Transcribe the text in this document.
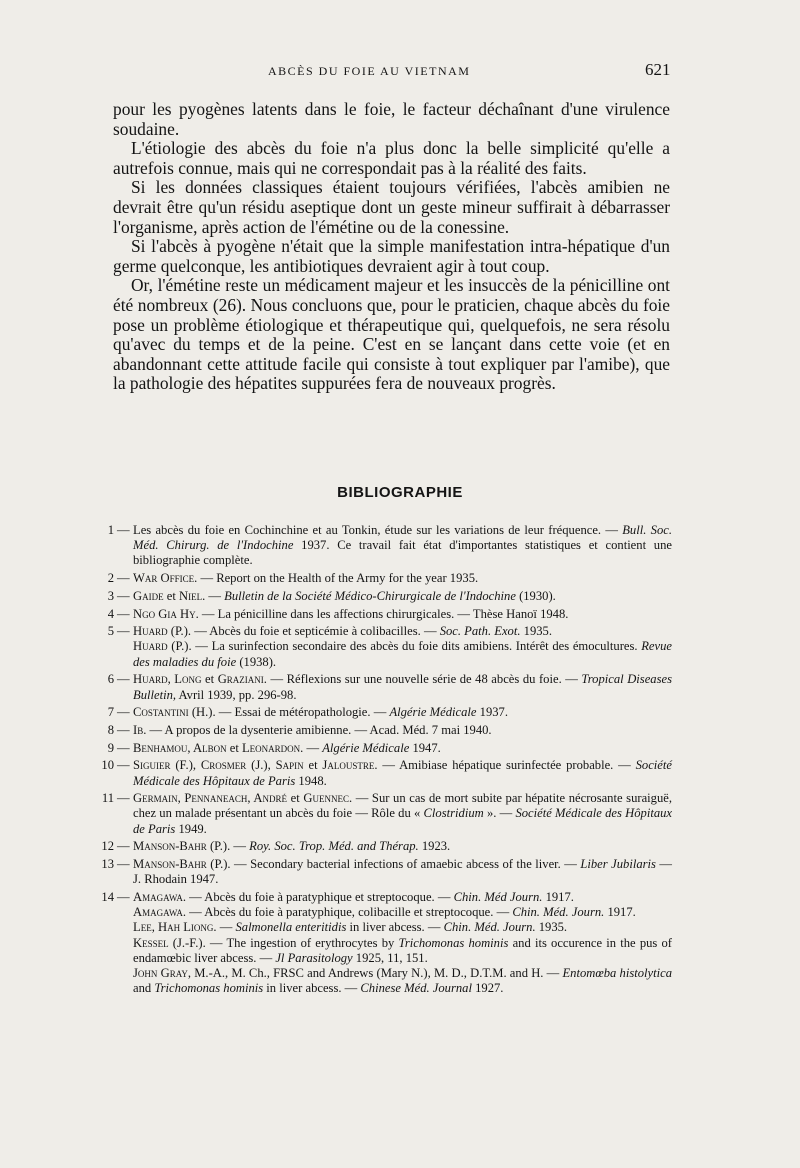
ABCÈS DU FOIE AU VIETNAM	621

pour les pyogènes latents dans le foie, le facteur déchaînant d'une virulence soudaine.

L'étiologie des abcès du foie n'a plus donc la belle simplicité qu'elle a autrefois connue, mais qui ne correspondait pas à la réalité des faits.

Si les données classiques étaient toujours vérifiées, l'abcès amibien ne devrait être qu'un résidu aseptique dont un geste mineur suffirait à débarrasser l'organisme, après action de l'émétine ou de la conessine.

Si l'abcès à pyogène n'était que la simple manifestation intra-hépatique d'un germe quelconque, les antibiotiques devraient agir à tout coup.

Or, l'émétine reste un médicament majeur et les insuccès de la pénicilline ont été nombreux (26). Nous concluons que, pour le praticien, chaque abcès du foie pose un problème étiologique et thérapeutique qui, quelquefois, ne sera résolu qu'avec du temps et de la peine. C'est en se lançant dans cette voie (et en abandonnant cette attitude facile qui consiste à tout expliquer par l'amibe), que la pathologie des hépatites suppurées fera de nouveaux progrès.

BIBLIOGRAPHIE
1 — Les abcès du foie en Cochinchine et au Tonkin, étude sur les variations de leur fréquence. — Bull. Soc. Méd. Chirurg. de l'Indochine 1937. Ce travail fait état d'importantes statistiques et contient une bibliographie complète.
2 — War Office. — Report on the Health of the Army for the year 1935.
3 — Gaide et Niel. — Bulletin de la Société Médico-Chirurgicale de l'Indochine (1930).
4 — Ngo Gia Hy. — La pénicilline dans les affections chirurgicales. — Thèse Hanoï 1948.
5 — Huard (P.). — Abcès du foie et septicémie à colibacilles. — Soc. Path. Exot. 1935.
Huard (P.). — La surinfection secondaire des abcès du foie dits amibiens. Intérêt des émocultures. Revue des maladies du foie (1938).
6 — Huard, Long et Graziani. — Réflexions sur une nouvelle série de 48 abcès du foie. — Tropical Diseases Bulletin, Avril 1939, pp. 296-98.
7 — Costantini (H.). — Essai de météropathologie. — Algérie Médicale 1937.
8 — Ib. — A propos de la dysenterie amibienne. — Acad. Méd. 7 mai 1940.
9 — Benhamou, Albon et Leonardon. — Algérie Médicale 1947.
10 — Siguier (F.), Crosmer (J.), Sapin et Jaloustre. — Amibiase hépatique surinfectée probable. — Société Médicale des Hôpitaux de Paris 1948.
11 — Germain, Pennaneach, André et Guennec. — Sur un cas de mort subite par hépatite nécrosante suraiguë, chez un malade présentant un abcès du foie — Rôle du « Clostridium ». — Société Médicale des Hôpitaux de Paris 1949.
12 — Manson-Bahr (P.). — Roy. Soc. Trop. Méd. and Thérap. 1923.
13 — Manson-Bahr (P.). — Secondary bacterial infections of amaebic abcess of the liver. — Liber Jubilaris — J. Rhodain 1947.
14 — Amagawa. — Abcès du foie à paratyphique et streptocoque. — Chin. Méd Journ. 1917.
Amagawa. — Abcès du foie à paratyphique, colibacille et streptocoque. — Chin. Méd. Journ. 1917.
Lee, Hah Liong. — Salmonella enteritidis in liver abcess. — Chin. Méd. Journ. 1935.
Kessel (J.-F.). — The ingestion of erythrocytes by Trichomonas hominis and its occurence in the pus of endamœbic liver abcess. — Jl Parasitology 1925, 11, 151.
John Gray, M.-A., M. Ch., FRSC and Andrews (Mary N.), M. D., D.T.M. and H. — Entomœba histolytica and Trichomonas hominis in liver abcess. — Chinese Méd. Journal 1927.
